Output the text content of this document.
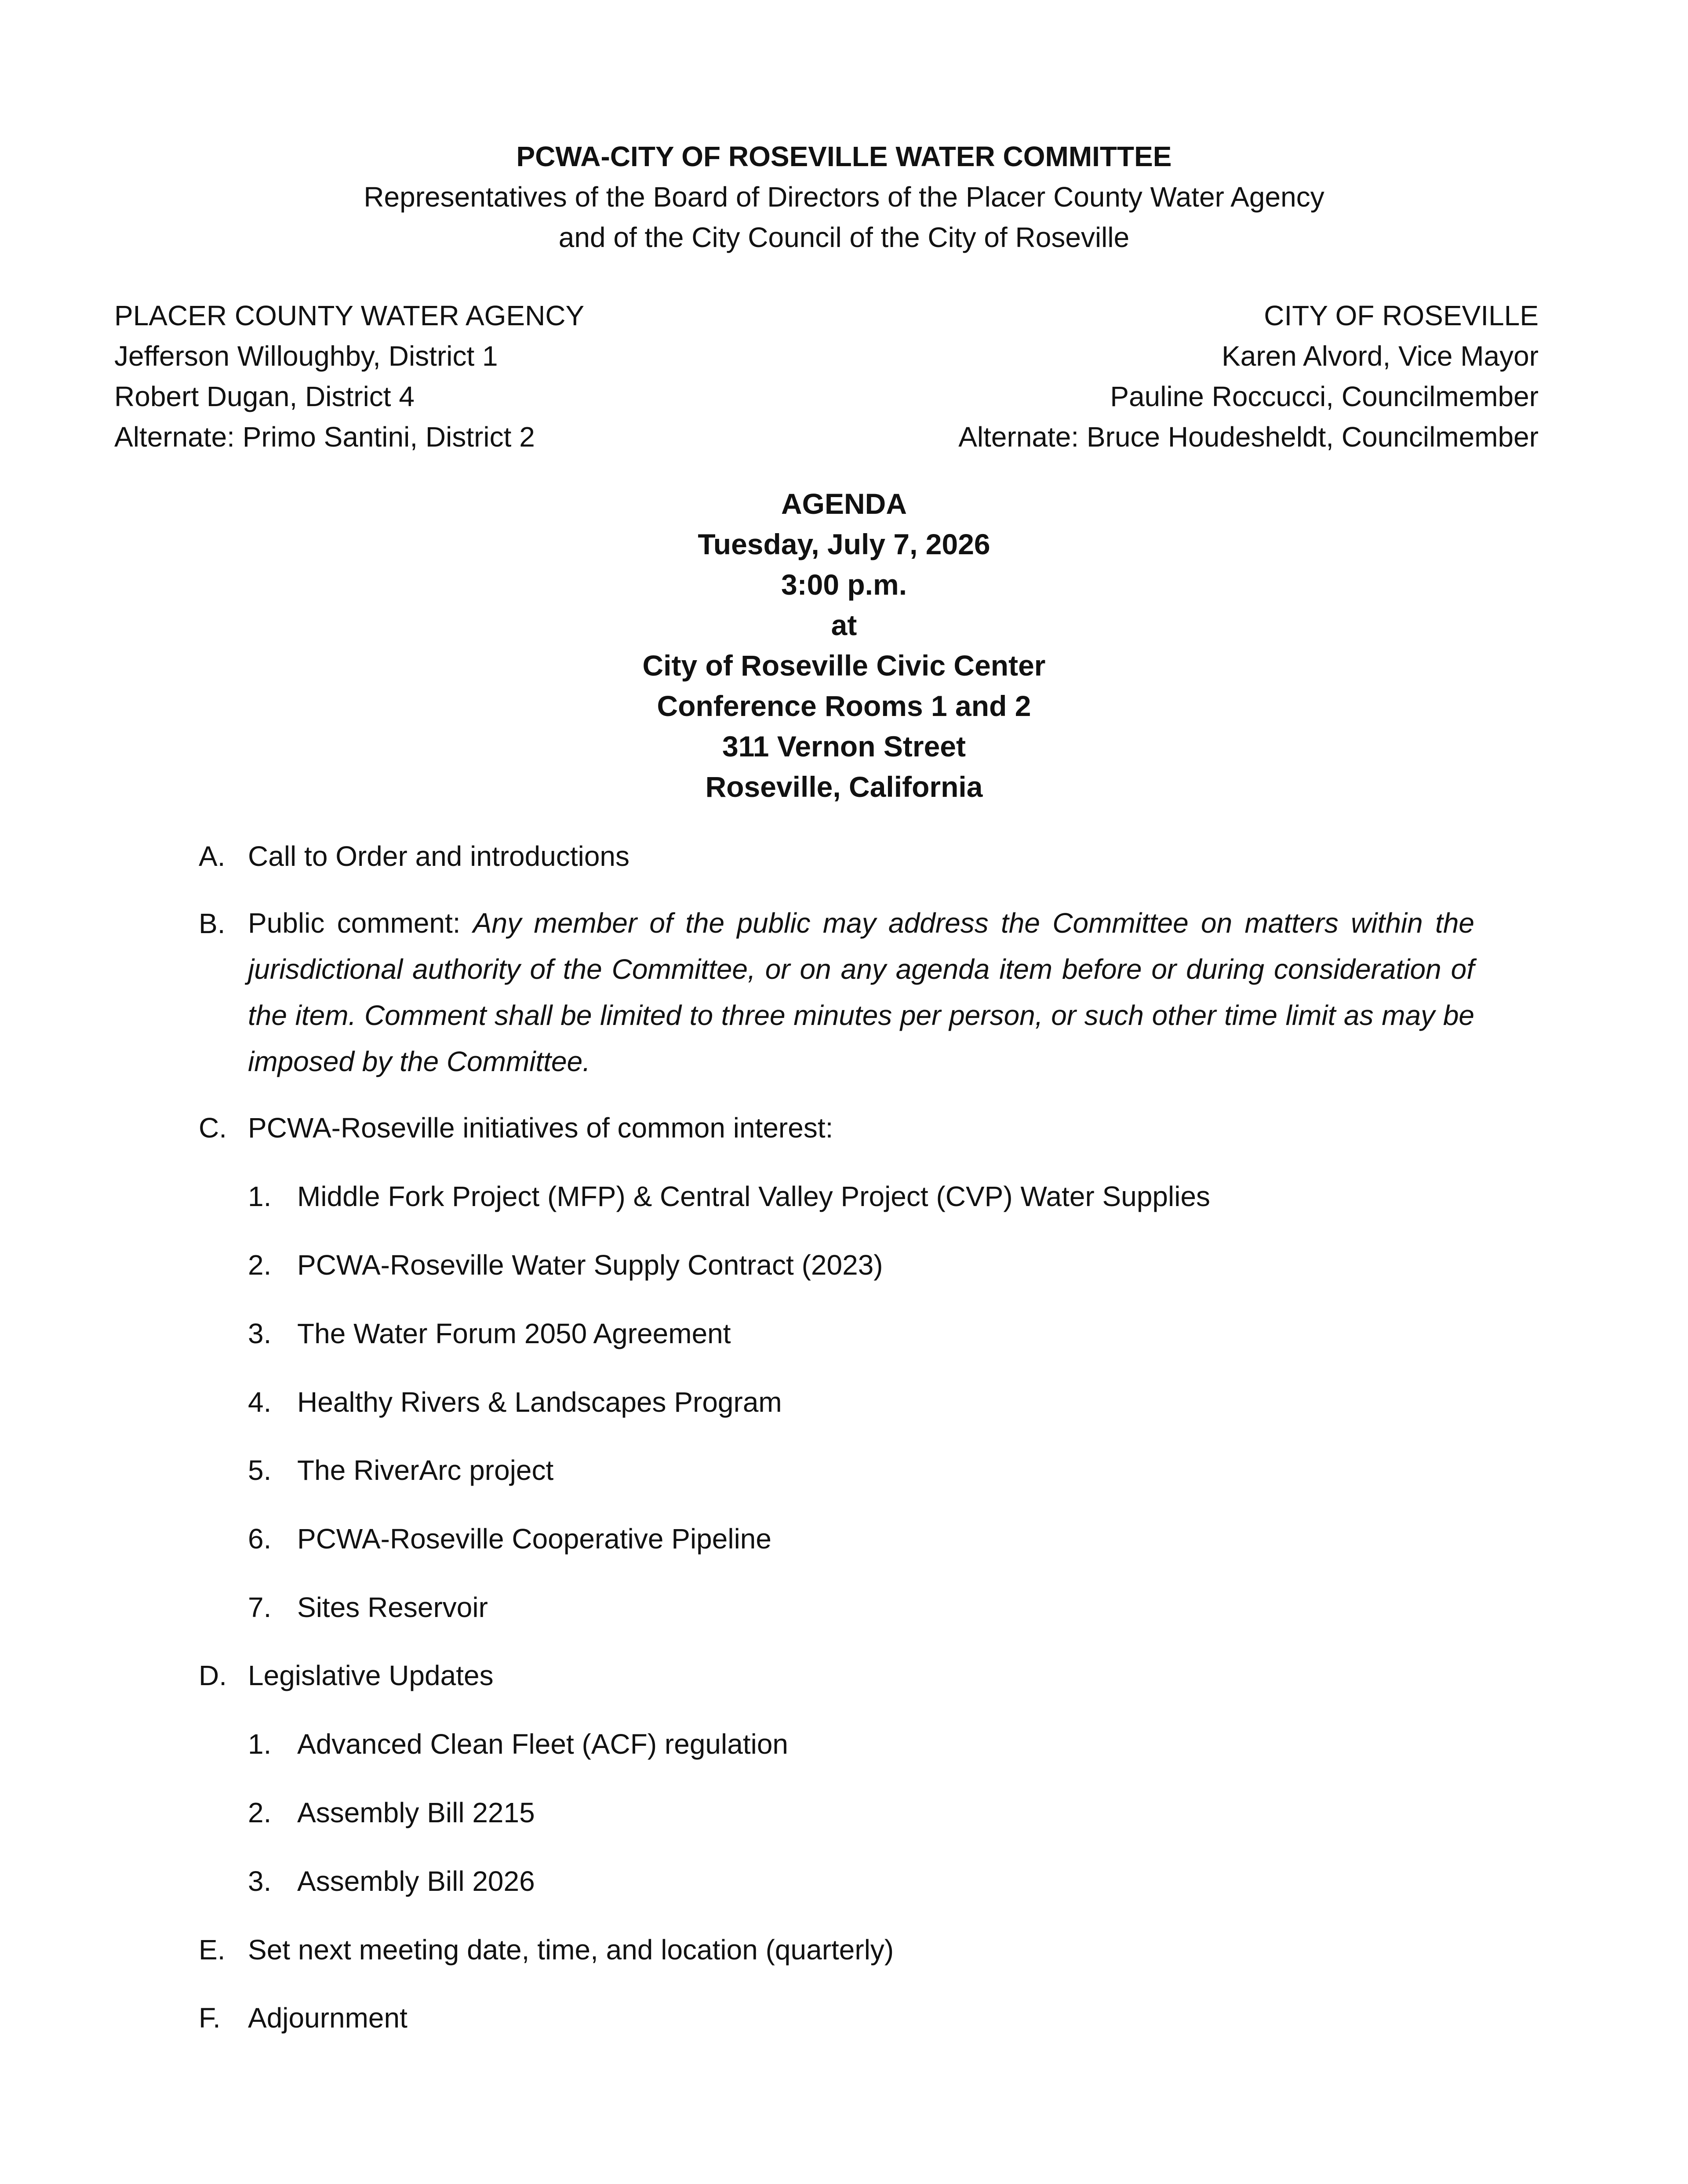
PCWA-CITY OF ROSEVILLE WATER COMMITTEE
Representatives of the Board of Directors of the Placer County Water Agency
and of the City Council of the City of Roseville
PLACER COUNTY WATER AGENCY
Jefferson Willoughby, District 1
Robert Dugan, District 4
Alternate: Primo Santini, District 2
CITY OF ROSEVILLE
Karen Alvord, Vice Mayor
Pauline Roccucci, Councilmember
Alternate: Bruce Houdesheldt, Councilmember
AGENDA
Tuesday, July 7, 2026
3:00 p.m.
at
City of Roseville Civic Center
Conference Rooms 1 and 2
311 Vernon Street
Roseville, California
A. Call to Order and introductions
B. Public comment: Any member of the public may address the Committee on matters within the jurisdictional authority of the Committee, or on any agenda item before or during consideration of the item. Comment shall be limited to three minutes per person, or such other time limit as may be imposed by the Committee.
C. PCWA-Roseville initiatives of common interest:
1. Middle Fork Project (MFP) & Central Valley Project (CVP) Water Supplies
2. PCWA-Roseville Water Supply Contract (2023)
3. The Water Forum 2050 Agreement
4. Healthy Rivers & Landscapes Program
5. The RiverArc project
6. PCWA-Roseville Cooperative Pipeline
7. Sites Reservoir
D. Legislative Updates
1. Advanced Clean Fleet (ACF) regulation
2. Assembly Bill 2215
3. Assembly Bill 2026
E. Set next meeting date, time, and location (quarterly)
F. Adjournment
